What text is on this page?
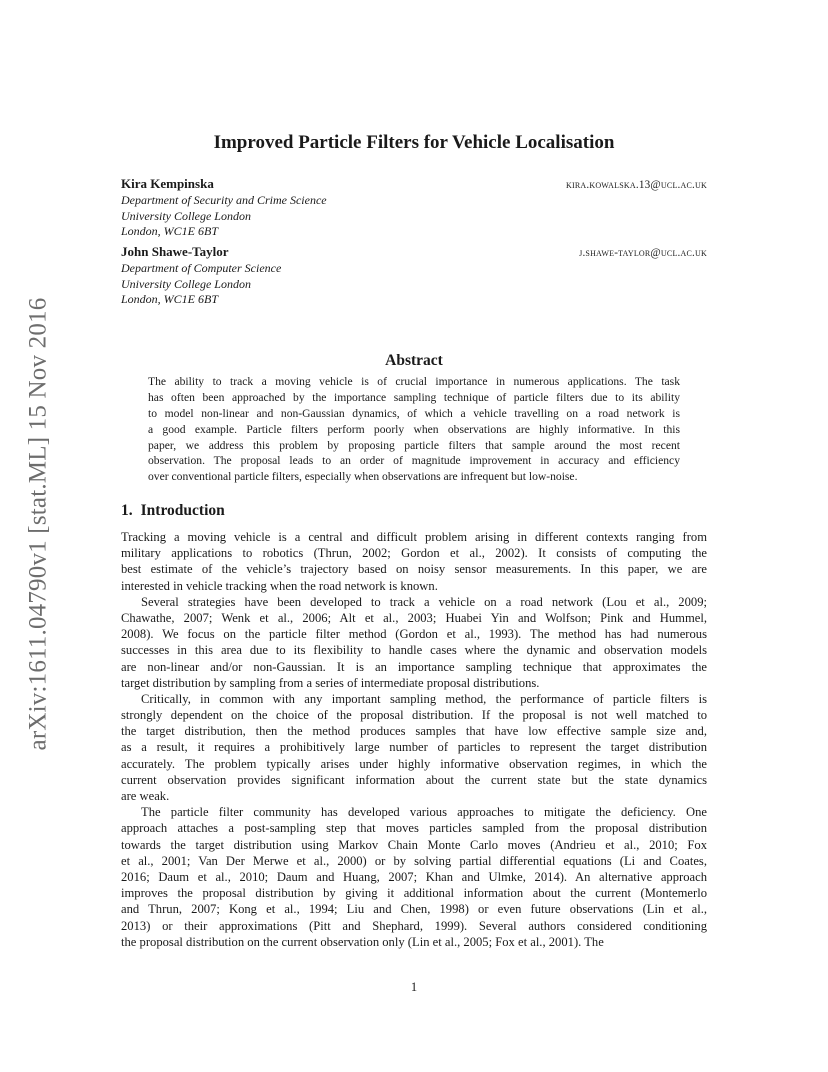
arXiv:1611.04790v1 [stat.ML] 15 Nov 2016
Improved Particle Filters for Vehicle Localisation
Kira Kempinska	kira.kowalska.13@ucl.ac.uk
Department of Security and Crime Science
University College London
London, WC1E 6BT
John Shawe-Taylor	j.shawe-taylor@ucl.ac.uk
Department of Computer Science
University College London
London, WC1E 6BT
Abstract
The ability to track a moving vehicle is of crucial importance in numerous applications. The task
has often been approached by the importance sampling technique of particle filters due to its ability
to model non-linear and non-Gaussian dynamics, of which a vehicle travelling on a road network is
a good example. Particle filters perform poorly when observations are highly informative. In this
paper, we address this problem by proposing particle filters that sample around the most recent
observation. The proposal leads to an order of magnitude improvement in accuracy and efficiency
over conventional particle filters, especially when observations are infrequent but low-noise.
1. Introduction
Tracking a moving vehicle is a central and difficult problem arising in different contexts ranging from
military applications to robotics (Thrun, 2002; Gordon et al., 2002). It consists of computing the
best estimate of the vehicle’s trajectory based on noisy sensor measurements. In this paper, we are
interested in vehicle tracking when the road network is known.
Several strategies have been developed to track a vehicle on a road network (Lou et al., 2009;
Chawathe, 2007; Wenk et al., 2006; Alt et al., 2003; Huabei Yin and Wolfson; Pink and Hummel,
2008). We focus on the particle filter method (Gordon et al., 1993). The method has had numerous
successes in this area due to its flexibility to handle cases where the dynamic and observation models
are non-linear and/or non-Gaussian. It is an importance sampling technique that approximates the
target distribution by sampling from a series of intermediate proposal distributions.
Critically, in common with any important sampling method, the performance of particle filters is
strongly dependent on the choice of the proposal distribution. If the proposal is not well matched to
the target distribution, then the method produces samples that have low effective sample size and,
as a result, it requires a prohibitively large number of particles to represent the target distribution
accurately. The problem typically arises under highly informative observation regimes, in which the
current observation provides significant information about the current state but the state dynamics
are weak.
The particle filter community has developed various approaches to mitigate the deficiency. One
approach attaches a post-sampling step that moves particles sampled from the proposal distribution
towards the target distribution using Markov Chain Monte Carlo moves (Andrieu et al., 2010; Fox
et al., 2001; Van Der Merwe et al., 2000) or by solving partial differential equations (Li and Coates,
2016; Daum et al., 2010; Daum and Huang, 2007; Khan and Ulmke, 2014). An alternative approach
improves the proposal distribution by giving it additional information about the current (Montemerlo
and Thrun, 2007; Kong et al., 1994; Liu and Chen, 1998) or even future observations (Lin et al.,
2013) or their approximations (Pitt and Shephard, 1999). Several authors considered conditioning
the proposal distribution on the current observation only (Lin et al., 2005; Fox et al., 2001). The
1
